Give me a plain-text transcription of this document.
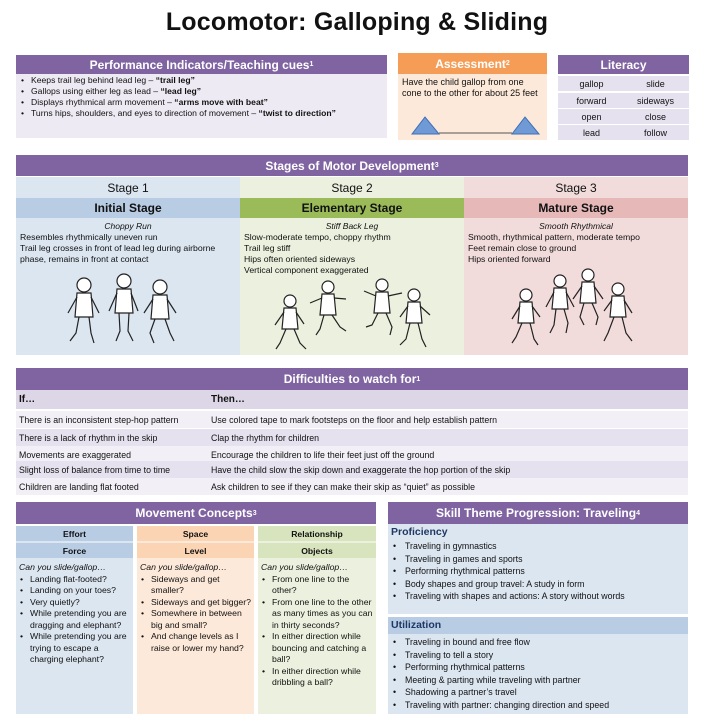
Locomotor: Galloping & Sliding
Performance Indicators/Teaching cues 1
• Keeps trail leg behind lead leg – “trail leg”
• Gallops using either leg as lead – “lead leg”
• Displays rhythmical arm movement – “arms move with beat”
• Turns hips, shoulders, and eyes to direction of movement – “twist to direction”
Assessment 2
Have the child gallop from one cone to the other for about 25 feet
Literacy
gallop	slide
forward	sideways
open	close
lead	follow
Stages of Motor Development 3
Stage 1
Initial Stage
Choppy Run
Resembles rhythmically uneven run
Trail leg crosses in front of lead leg during airborne phase, remains in front at contact
Stage 2
Elementary Stage
Stiff Back Leg
Slow-moderate tempo, choppy rhythm
Trail leg stiff
Hips often oriented sideways
Vertical component exaggerated
Stage 3
Mature Stage
Smooth Rhythmical
Smooth, rhythmical pattern, moderate tempo
Feet remain close to ground
Hips oriented forward
Difficulties to watch for 1
If…	Then…
There is an inconsistent step-hop pattern	Use colored tape to mark footsteps on the floor and help establish pattern
There is a lack of rhythm in the skip	Clap the rhythm for children
Movements are exaggerated	Encourage the children to life their feet just off the ground
Slight loss of balance from time to time	Have the child slow the skip down and exaggerate the hop portion of the skip
Children are landing flat footed	Ask children to see if they can make their skip as “quiet” as possible
Movement Concepts 3
Effort
Force
Can you slide/gallop…
• Landing flat-footed?
• Landing on your toes?
• Very quietly?
• While pretending you are dragging and elephant?
• While pretending you are trying to escape a charging elephant?
Space
Level
Can you slide/gallop…
• Sideways and get smaller?
• Sideways and get bigger?
• Somewhere in between big and small?
• And change levels as I raise or lower my hand?
Relationship
Objects
Can you slide/gallop…
• From one line to the other?
• From one line to the other as many times as you can in thirty seconds?
• In either direction while bouncing and catching a ball?
• In either direction while dribbling a ball?
Skill Theme Progression: Traveling 4
Proficiency
• Traveling in gymnastics
• Traveling in games and sports
• Performing rhythmical patterns
• Body shapes and group travel: A study in form
• Traveling with shapes and actions: A story without words
Utilization
• Traveling in bound and free flow
• Traveling to tell a story
• Performing rhythmical patterns
• Meeting & parting while traveling with partner
• Shadowing a partner’s travel
• Traveling with partner: changing direction and speed
